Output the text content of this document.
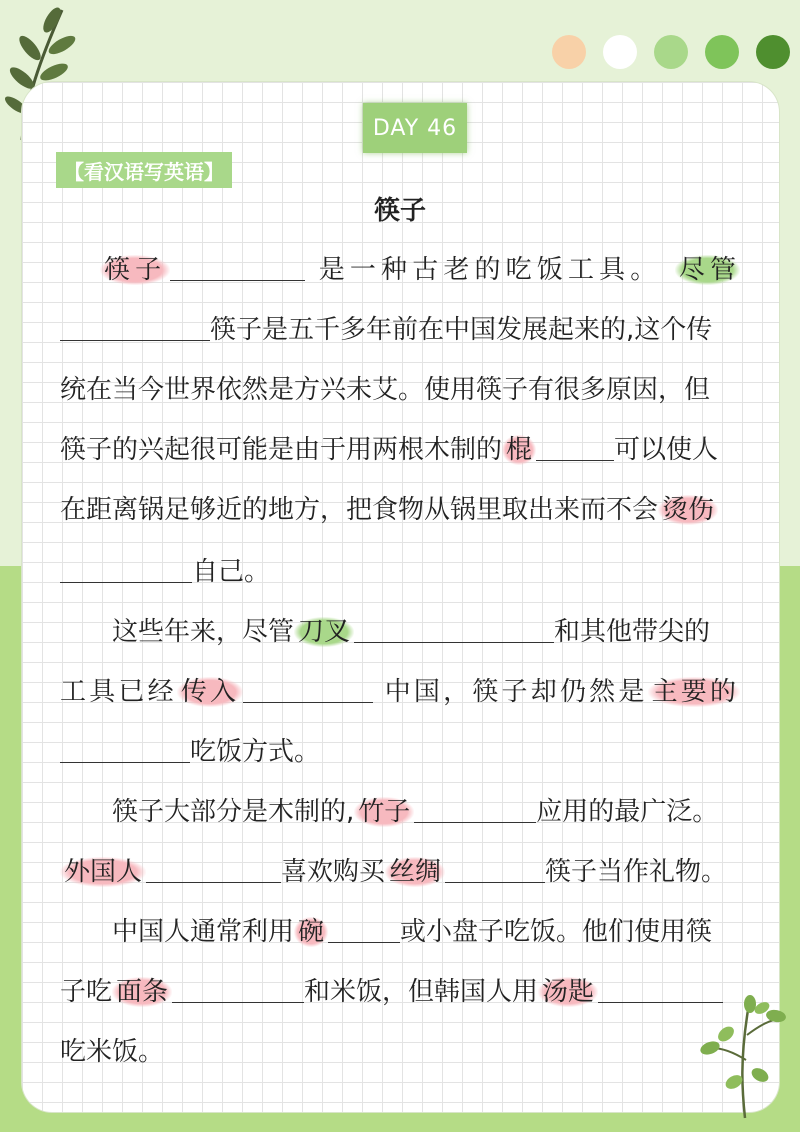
DAY 46
【看汉语写英语】
筷子
筷子	是一种古老的吃饭工具。 尽管
筷子是五千多年前在中国发展起来的,这个传
统在当今世界依然是方兴未艾。使用筷子有很多原因，但
筷子的兴起很可能是由于用两根木制的 棍	可以使人
在距离锅足够近的地方，把食物从锅里取出来而不会 烫伤
自己。
这些年来，尽管 刀叉	和其他带尖的
工具已经 传入	中国，筷子却仍然是 主要的
吃饭方式。
筷子大部分是木制的, 竹子	应用的最广泛。
外国人	喜欢购买 丝绸	筷子当作礼物。
中国人通常利用 碗	或小盘子吃饭。他们使用筷
子吃 面条	和米饭，但韩国人用 汤匙
吃米饭。
